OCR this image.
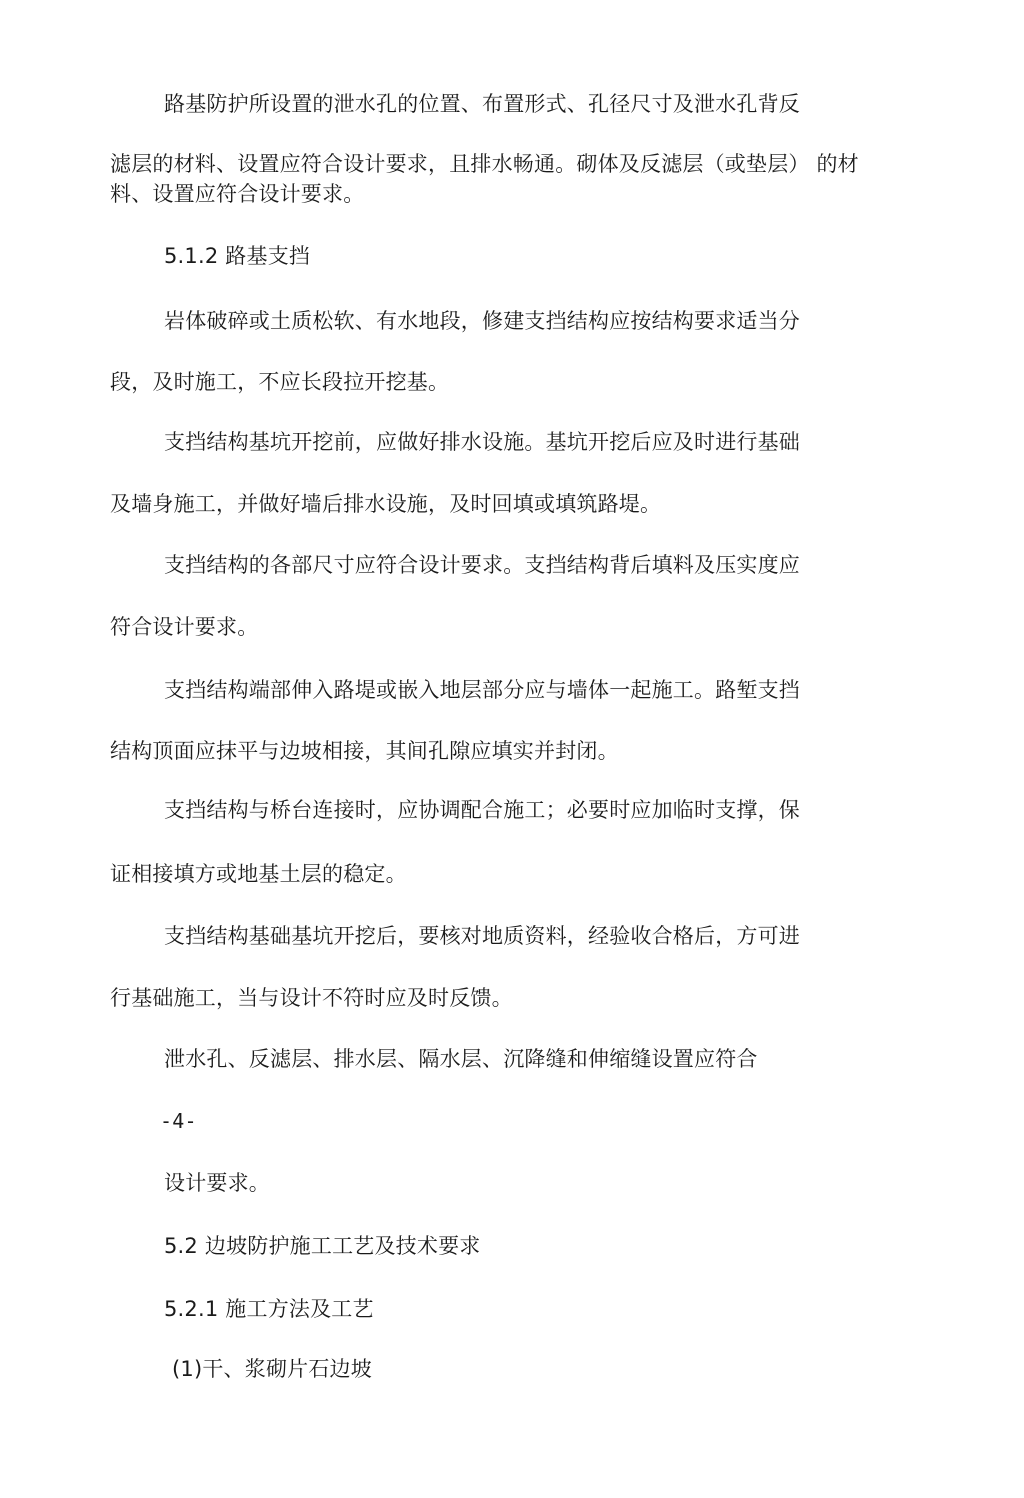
路基防护所设置的泄水孔的位置、布置形式、孔径尺寸及泄水孔背反
滤层的材料、设置应符合设计要求，且排水畅通。砌体及反滤层（或垫层） 的材
料、设置应符合设计要求。
5.1.2 路基支挡
岩体破碎或土质松软、有水地段，修建支挡结构应按结构要求适当分
段，及时施工，不应长段拉开挖基。
支挡结构基坑开挖前，应做好排水设施。基坑开挖后应及时进行基础
及墙身施工，并做好墙后排水设施，及时回填或填筑路堤。
支挡结构的各部尺寸应符合设计要求。支挡结构背后填料及压实度应
符合设计要求。
支挡结构端部伸入路堤或嵌入地层部分应与墙体一起施工。路堑支挡
结构顶面应抹平与边坡相接，其间孔隙应填实并封闭。
支挡结构与桥台连接时，应协调配合施工；必要时应加临时支撑，保
证相接填方或地基土层的稳定。
支挡结构基础基坑开挖后，要核对地质资料，经验收合格后，方可进
行基础施工，当与设计不符时应及时反馈。
泄水孔、反滤层、排水层、隔水层、沉降缝和伸缩缝设置应符合
-4-
设计要求。
5.2 边坡防护施工工艺及技术要求
5.2.1 施工方法及工艺
(1)干、浆砌片石边坡
